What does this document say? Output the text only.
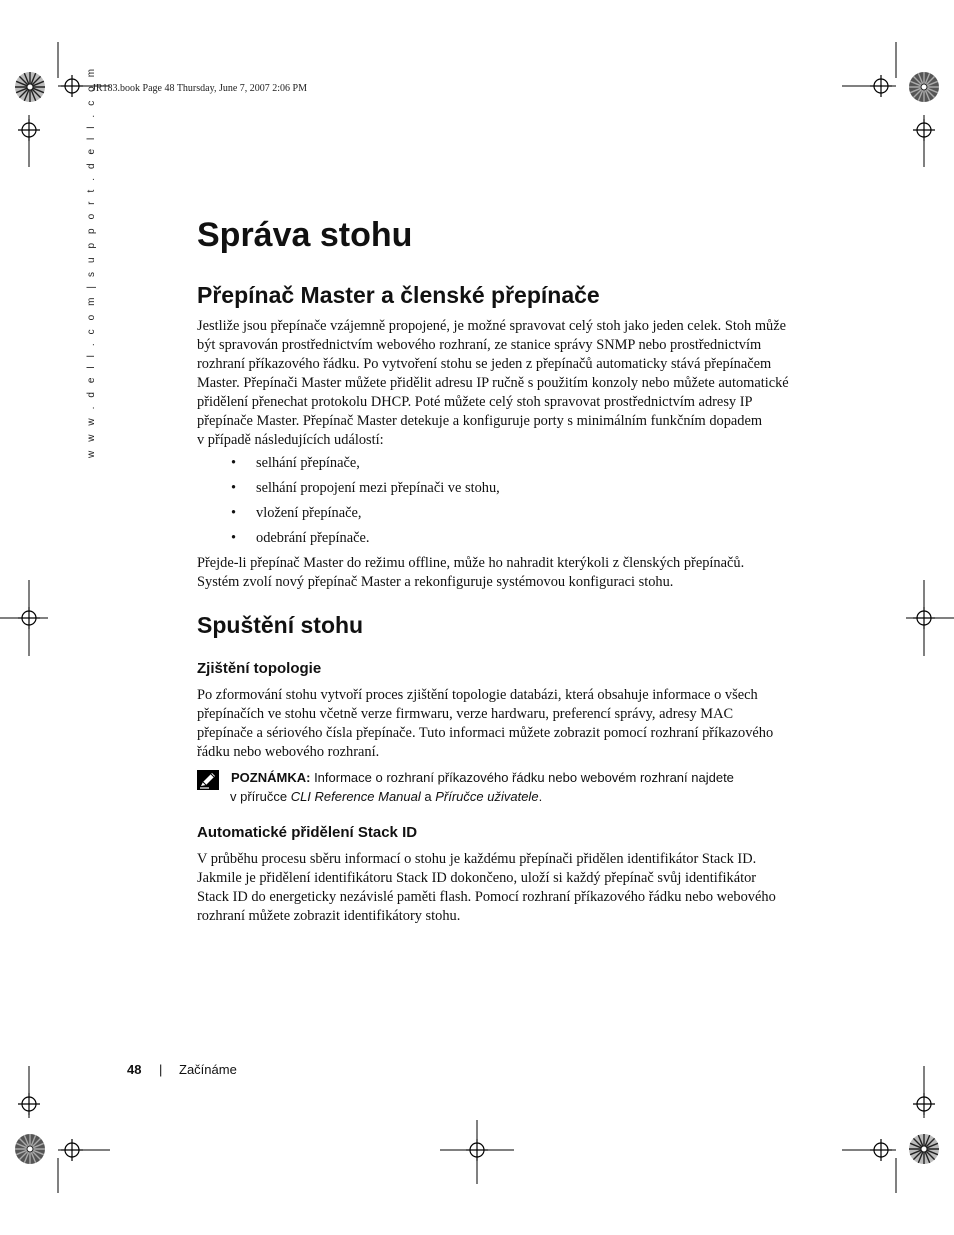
JR183.book Page 48 Thursday, June 7, 2007 2:06 PM
w w w . d e l l . c o m | s u p p o r t . d e l l . c o m	Správa stohu
Přepínač Master a členské přepínače
Jestliže jsou přepínače vzájemně propojené, je možné spravovat celý stoh jako jeden celek. Stoh může
být spravován prostřednictvím webového rozhraní, ze stanice správy SNMP nebo prostřednictvím
rozhraní příkazového řádku. Po vytvoření stohu se jeden z přepínačů automaticky stává přepínačem
Master. Přepínači Master můžete přidělit adresu IP ručně s použitím konzoly nebo můžete automatické
přidělení přenechat protokolu DHCP. Poté můžete celý stoh spravovat prostřednictvím adresy IP
přepínače Master. Přepínač Master detekuje a konfiguruje porty s minimálním funkčním dopadem
v případě následujících událostí:
• selhání přepínače,
• selhání propojení mezi přepínači ve stohu,
• vložení přepínače,
• odebrání přepínače.
Přejde-li přepínač Master do režimu offline, může ho nahradit kterýkoli z členských přepínačů.
Systém zvolí nový přepínač Master a rekonfiguruje systémovou konfiguraci stohu.
Spuštění stohu
Zjištění topologie
Po zformování stohu vytvoří proces zjištění topologie databázi, která obsahuje informace o všech
přepínačích ve stohu včetně verze firmwaru, verze hardwaru, preferencí správy, adresy MAC
přepínače a sériového čísla přepínače. Tuto informaci můžete zobrazit pomocí rozhraní příkazového
řádku nebo webového rozhraní.
POZNÁMKA: Informace o rozhraní příkazového řádku nebo webovém rozhraní najdete
v příručce CLI Reference Manual a Příručce uživatele.
Automatické přidělení Stack ID
V průběhu procesu sběru informací o stohu je každému přepínači přidělen identifikátor Stack ID.
Jakmile je přidělení identifikátoru Stack ID dokončeno, uloží si každý přepínač svůj identifikátor
Stack ID do energeticky nezávislé paměti flash. Pomocí rozhraní příkazového řádku nebo webového
rozhraní můžete zobrazit identifikátory stohu.
48 | Začínáme
